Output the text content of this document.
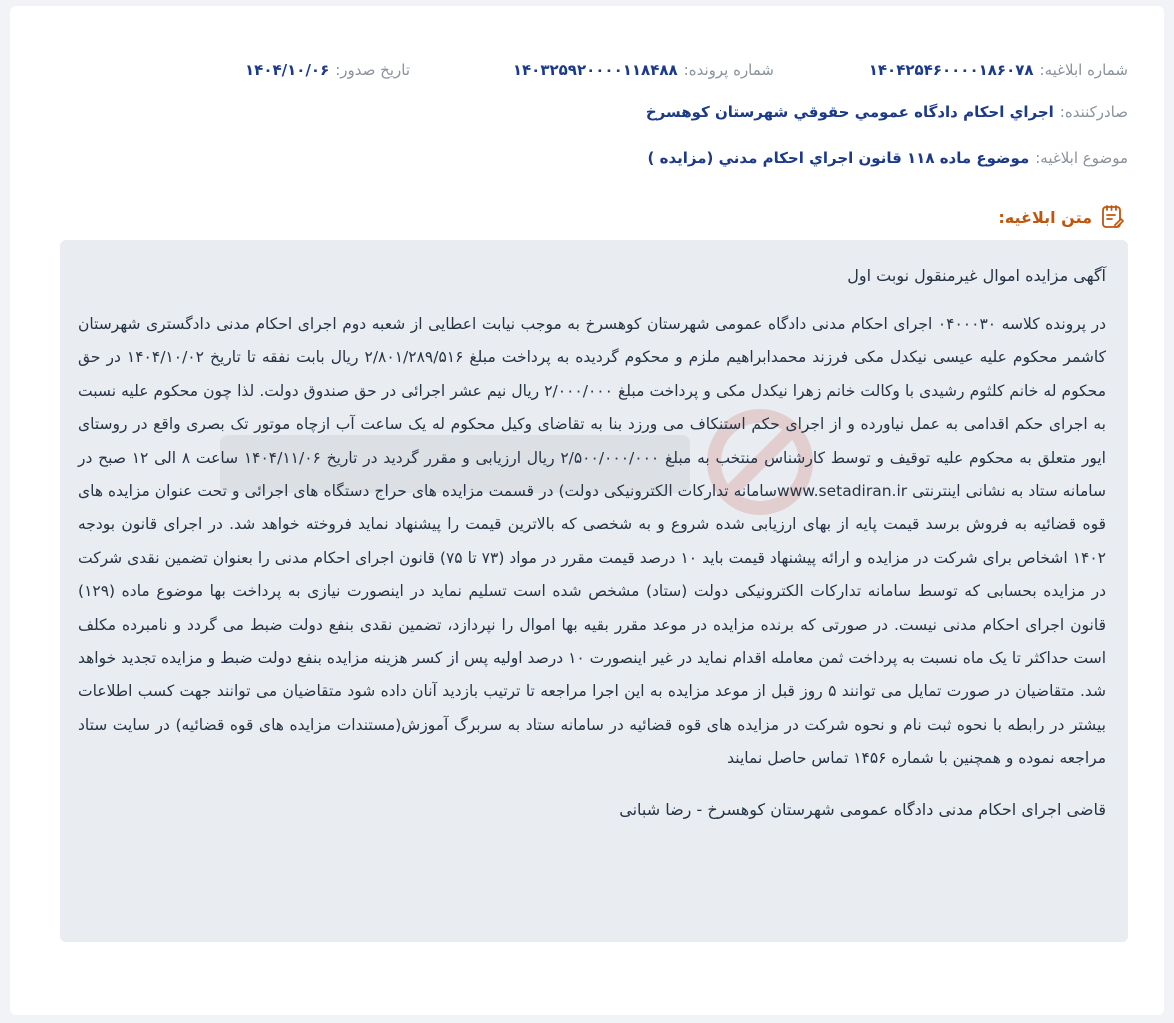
شماره ابلاغیه:
۱۴۰۴۲۵۴۶۰۰۰۰۱۸۶۰۷۸
شماره پرونده:
۱۴۰۳۲۵۹۲۰۰۰۰۱۱۸۴۸۸
تاریخ صدور:
۱۴۰۴/۱۰/۰۶
صادرکننده:
اجراي احكام دادگاه عمومي حقوقي شهرستان كوهسرخ
موضوع ابلاغیه:
موضوع ماده ۱۱۸ قانون اجراي احكام مدني (مزايده )
متن ابلاغیه:

آگهی مزایده اموال غیرمنقول نوبت اول

در پرونده کلاسه ۰۴۰۰۰۳۰ اجرای احکام مدنی دادگاه عمومی شهرستان کوهسرخ به موجب نیابت اعطایی از شعبه دوم اجرای احکام مدنی دادگستری شهرستان کاشمر محکوم علیه عیسی نیکدل مکی فرزند محمدابراهیم ملزم و محکوم گردیده به پرداخت مبلغ ۲/۸۰۱/۲۸۹/۵۱۶ ریال بابت نفقه تا تاریخ ۱۴۰۴/۱۰/۰۲ در حق محکوم له خانم کلثوم رشیدی با وکالت خانم زهرا نیکدل مکی و پرداخت مبلغ ۲/۰۰۰/۰۰۰ ریال نیم عشر اجرائی در حق صندوق دولت. لذا چون محکوم علیه نسبت به اجرای حکم اقدامی به عمل نیاورده و از اجرای حکم استنکاف می ورزد بنا به تقاضای وکیل محکوم له یک ساعت آب ازچاه موتور تک بصری واقع در روستای ایور متعلق به محکوم علیه توقیف و توسط کارشناس منتخب به مبلغ ۲/۵۰۰/۰۰۰/۰۰۰ ریال ارزیابی و مقرر گردید در تاریخ ۱۴۰۴/۱۱/۰۶ ساعت ۸ الی ۱۲ صبح در سامانه ستاد به نشانی اینترنتی www.setadiran.irسامانه تدارکات الکترونیکی دولت) در قسمت مزایده های حراج دستگاه های اجرائی و تحت عنوان مزایده های قوه قضائیه به فروش برسد قیمت پایه از بهای ارزیابی شده شروع و به شخصی که بالاترین قیمت را پیشنهاد نماید فروخته خواهد شد. در اجرای قانون بودجه ۱۴۰۲ اشخاص برای شرکت در مزایده و ارائه پیشنهاد قیمت باید ۱۰ درصد قیمت مقرر در مواد (۷۳ تا ۷۵) قانون اجرای احکام مدنی را بعنوان تضمین نقدی شرکت در مزایده بحسابی که توسط سامانه تدارکات الکترونیکی دولت (ستاد) مشخص شده است تسلیم نماید در اینصورت نیازی به پرداخت بها موضوع ماده (۱۲۹) قانون اجرای احکام مدنی نیست. در صورتی که برنده مزایده در موعد مقرر بقیه بها اموال را نپردازد، تضمین نقدی بنفع دولت ضبط می گردد و نامبرده مکلف است حداکثر تا یک ماه نسبت به پرداخت ثمن معامله اقدام نماید در غیر اینصورت ۱۰ درصد اولیه پس از کسر هزینه مزایده بنفع دولت ضبط و مزایده تجدید خواهد شد. متقاضیان در صورت تمایل می توانند ۵ روز قبل از موعد مزایده به این اجرا مراجعه تا ترتیب بازدید آنان داده شود متقاضیان می توانند جهت کسب اطلاعات بیشتر در رابطه با نحوه ثبت نام و نحوه شرکت در مزایده های قوه قضائیه در سامانه ستاد به سربرگ آموزش(مستندات مزایده های قوه قضائیه) در سایت ستاد مراجعه نموده و همچنین با شماره ۱۴۵۶ تماس حاصل نمایند

قاضی اجرای احکام مدنی دادگاه عمومی شهرستان کوهسرخ - رضا شبانی
